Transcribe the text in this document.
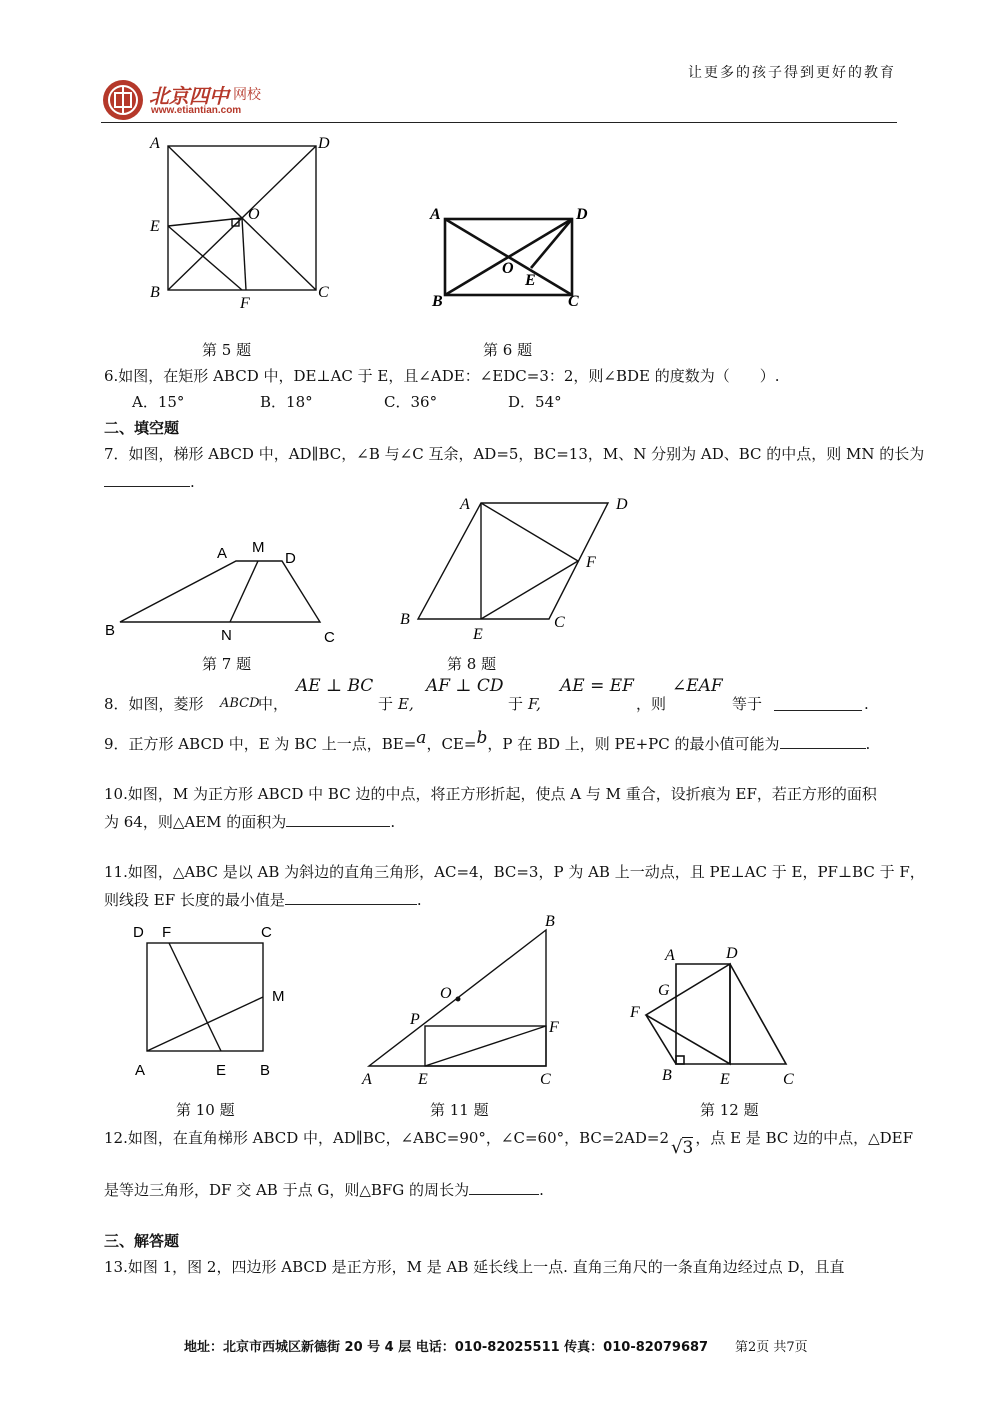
北京四中 网校
www.etiantian.com
让更多的孩子得到更好的教育
A	D
E
O
B	C
F
第 5 题
A	D
B	C
O
E
第 6 题
6.如图，在矩形 ABCD 中，DE⊥AC 于 E，且∠ADE：∠EDC=3：2，则∠BDE 的度数为（　　）.
A．15°	B．18°	C．36°	D．54°
二、填空题
7．如图，梯形 ABCD 中，AD∥BC，∠B 与∠C 互余，AD=5，BC=13，M、N 分别为 AD、BC 的中点，则 MN 的长为
.
A M
D
B	N	C
第 7 题
A	D
F
B	C
E
第 8 题
8．如图，菱形 ABCD
中，
AE ⊥ BC
于 E,
AF ⊥ CD
于 F,
AE = EF
，则
∠EAF
等于	.
9．正方形 ABCD 中，E 为 BC 上一点，BE=a，CE=b，P 在 BD 上，则 PE+PC 的最小值可能为	.
10.如图，M 为正方形 ABCD 中 BC 边的中点，将正方形折起，使点 A 与 M 重合，设折痕为 EF，若正方形的面积
为 64，则△AEM 的面积为	.
11.如图，△ABC 是以 AB 为斜边的直角三角形，AC=4，BC=3，P 为 AB 上一动点，且 PE⊥AC 于 E，PF⊥BC 于 F，
则线段 EF 长度的最小值是	.
D F	C
M
A	E B
第 10 题
B
O
P	F
A	E	C
第 11 题
A	D
G
F
B	E	C
第 12 题
12.如图，在直角梯形 ABCD 中，AD∥BC，∠ABC=90°，∠C=60°，BC=2AD=2 √3 ，点 E 是 BC 边的中点，△DEF
是等边三角形，DF 交 AB 于点 G，则△BFG 的周长为	.
三、解答题
13.如图 1，图 2，四边形 ABCD 是正方形，M 是 AB 延长线上一点. 直角三角尺的一条直角边经过点 D，且直
地址：北京市西城区新德街 20 号 4 层 电话：010-82025511 传真：010-82079687 第2页 共7页
